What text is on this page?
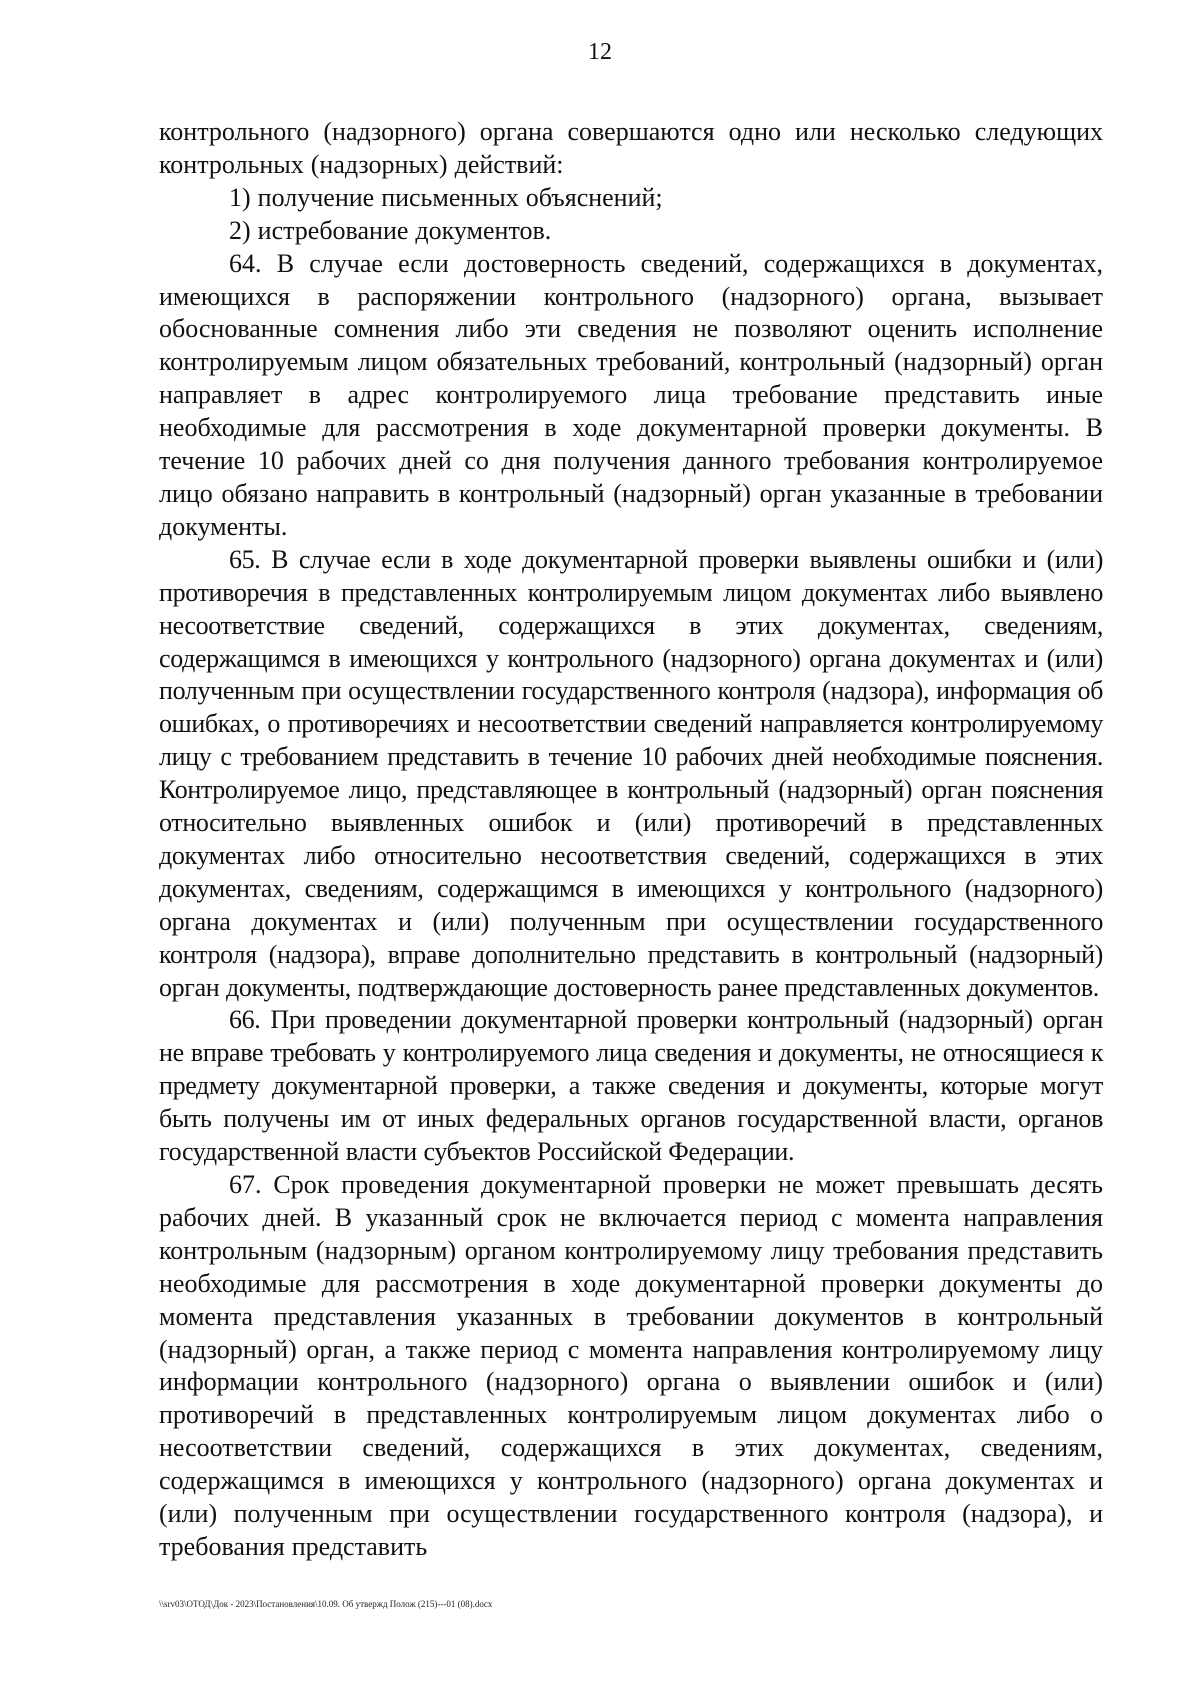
12

контрольного (надзорного) органа совершаются одно или несколько следующих контрольных (надзорных) действий:

1) получение письменных объяснений;

2) истребование документов.

64. В случае если достоверность сведений, содержащихся в документах, имеющихся в распоряжении контрольного (надзорного) органа, вызывает обоснованные сомнения либо эти сведения не позволяют оценить исполнение контролируемым лицом обязательных требований, контрольный (надзорный) орган направляет в адрес контролируемого лица требование представить иные необходимые для рассмотрения в ходе документарной проверки документы. В течение 10 рабочих дней со дня получения данного требования контролируемое лицо обязано направить в контрольный (надзорный) орган указанные в требовании документы.

65. В случае если в ходе документарной проверки выявлены ошибки и (или) противоречия в представленных контролируемым лицом документах либо выявлено несоответствие сведений, содержащихся в этих документах, сведениям, содержащимся в имеющихся у контрольного (надзорного) органа документах и (или) полученным при осуществлении государственного контроля (надзора), информация об ошибках, о противоречиях и несоответствии сведений направляется контролируемому лицу с требованием представить в течение 10 рабочих дней необходимые пояснения. Контролируемое лицо, представляющее в контрольный (надзорный) орган пояснения относительно выявленных ошибок и (или) противоречий в представленных документах либо относительно несоответствия сведений, содержащихся в этих документах, сведениям, содержащимся в имеющихся у контрольного (надзорного) органа документах и (или) полученным при осуществлении государственного контроля (надзора), вправе дополнительно представить в контрольный (надзорный) орган документы, подтверждающие достоверность ранее представленных документов.

66. При проведении документарной проверки контрольный (надзорный) орган не вправе требовать у контролируемого лица сведения и документы, не относящиеся к предмету документарной проверки, а также сведения и документы, которые могут быть получены им от иных федеральных органов государственной власти, органов государственной власти субъектов Российской Федерации.

67. Срок проведения документарной проверки не может превышать десять рабочих дней. В указанный срок не включается период с момента направления контрольным (надзорным) органом контролируемому лицу требования представить необходимые для рассмотрения в ходе документарной проверки документы до момента представления указанных в требовании документов в контрольный (надзорный) орган, а также период с момента направления контролируемому лицу информации контрольного (надзорного) органа о выявлении ошибок и (или) противоречий в представленных контролируемым лицом документах либо о несоответствии сведений, содержащихся в этих документах, сведениям, содержащимся в имеющихся у контрольного (надзорного) органа документах и (или) полученным при осуществлении государственного контроля (надзора), и требования представить

\\srv03\ОТОД\Док - 2023\Постановления\10.09. Об утвержд Полож (215)---01 (08).docx
